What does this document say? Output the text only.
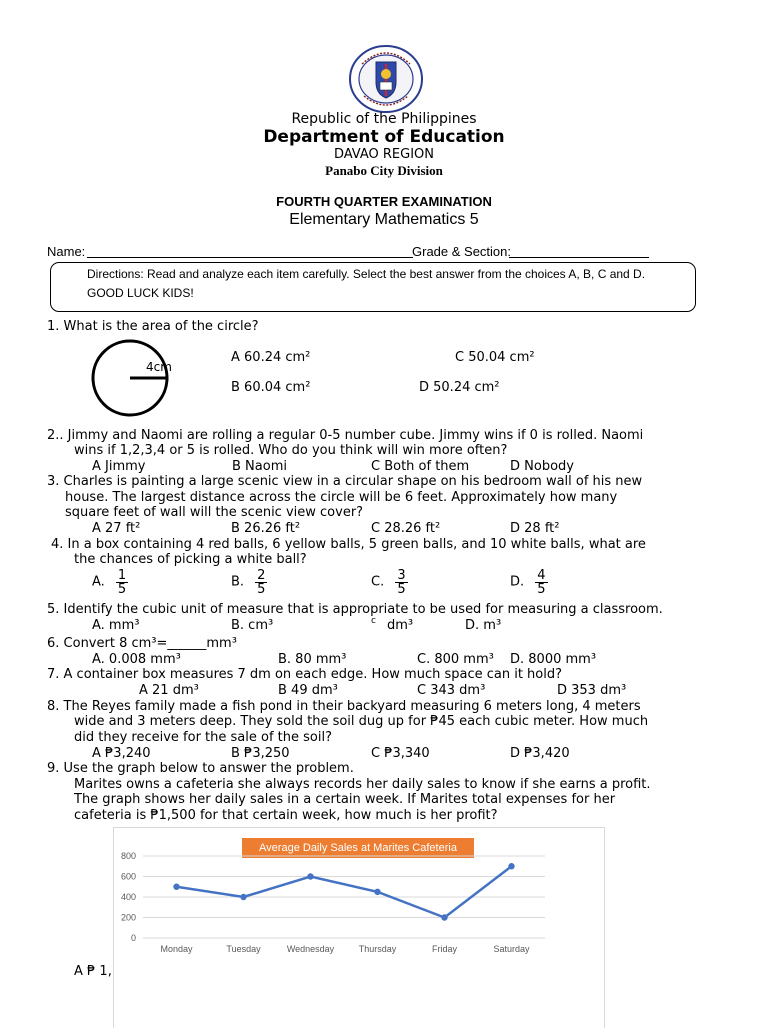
Republic of the Philippines
Department of Education
DAVAO REGION
Panabo City Division
FOURTH QUARTER EXAMINATION
Elementary Mathematics 5
Name:	Grade & Section:
Directions: Read and analyze each item carefully. Select the best answer from the choices A, B, C and D.
GOOD LUCK KIDS!
1. What is the area of the circle?
4cm
A 60.24 cm²	C 50.04 cm²
B 60.04 cm²	D 50.24 cm²
2.. Jimmy and Naomi are rolling a regular 0-5 number cube. Jimmy wins if 0 is rolled. Naomi
wins if 1,2,3,4 or 5 is rolled. Who do you think will win more often?
A Jimmy	B Naomi	C Both of them	D Nobody
3. Charles is painting a large scenic view in a circular shape on his bedroom wall of his new
house. The largest distance across the circle will be 6 feet. Approximately how many
square feet of wall will the scenic view cover?
A 27 ft²	B 26.26 ft²	C 28.26 ft²	D 28 ft²
4. In a box containing 4 red balls, 6 yellow balls, 5 green balls, and 10 white balls, what are
the chances of picking a white ball?
A. $\frac{1}{5}$	B. $\frac{2}{5}$	C. $\frac{3}{5}$	D. $\frac{4}{5}$
5. Identify the cubic unit of measure that is appropriate to be used for measuring a classroom.
A. mm³	B. cm³	c dm³	D. m³
6. Convert 8 cm³=______mm³
A. 0.008 mm³	B. 80 mm³	C. 800 mm³ D. 8000 mm³
7. A container box measures 7 dm on each edge. How much space can it hold?
A 21 dm³	B 49 dm³	C 343 dm³	D 353 dm³
8. The Reyes family made a fish pond in their backyard measuring 6 meters long, 4 meters
wide and 3 meters deep. They sold the soil dug up for ₱45 each cubic meter. How much
did they receive for the sale of the soil?
A ₱3,240	B ₱3,250	C ₱3,340	D ₱3,420
9. Use the graph below to answer the problem.
Marites owns a cafeteria she always records her daily sales to know if she earns a profit.
The graph shows her daily sales in a certain week. If Marites total expenses for her
cafeteria is ₱1,500 for that certain week, how much is her profit?
Average Daily Sales at Marites Cafeteria
0
200
400
600
800
Monday	Tuesday	Wednesday	Thursday	Friday	Saturday
A ₱ 1,
